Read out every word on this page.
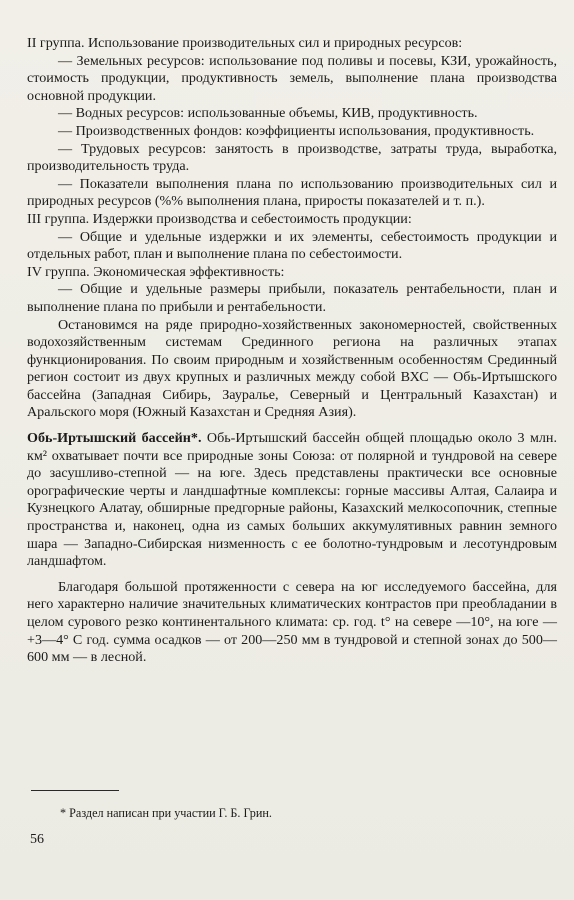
II группа. Использование производительных сил и природных ресурсов:

— Земельных ресурсов: использование под поливы и посевы, КЗИ, урожайность, стоимость продукции, продуктивность земель, выполнение плана производства основной продукции.

— Водных ресурсов: использованные объемы, КИВ, продуктивность.

— Производственных фондов: коэффициенты использования, продуктивность.

— Трудовых ресурсов: занятость в производстве, затраты труда, выработка, производительность труда.

— Показатели выполнения плана по использованию производительных сил и природных ресурсов (%% выполнения плана, приросты показателей и т. п.).

III группа. Издержки производства и себестоимость продукции:

— Общие и удельные издержки и их элементы, себестоимость продукции и отдельных работ, план и выполнение плана по себестоимости.

IV группа. Экономическая эффективность:

— Общие и удельные размеры прибыли, показатель рентабельности, план и выполнение плана по прибыли и рентабельности.

Остановимся на ряде природно-хозяйственных закономерностей, свойственных водохозяйственным системам Срединного региона на различных этапах функционирования. По своим природным и хозяйственным особенностям Срединный регион состоит из двух крупных и различных между собой ВХС — Обь-Иртышского бассейна (Западная Сибирь, Зауралье, Северный и Центральный Казахстан) и Аральского моря (Южный Казахстан и Средняя Азия).

Обь-Иртышский бассейн*. Обь-Иртышский бассейн общей площадью около 3 млн. км² охватывает почти все природные зоны Союза: от полярной и тундровой на севере до засушливо-степной — на юге. Здесь представлены практически все основные орографические черты и ландшафтные комплексы: горные массивы Алтая, Салаира и Кузнецкого Алатау, обширные предгорные районы, Казахский мелкосопочник, степные пространства и, наконец, одна из самых больших аккумулятивных равнин земного шара — Западно-Сибирская низменность с ее болотно-тундровым и лесотундровым ландшафтом.

Благодаря большой протяженности с севера на юг исследуемого бассейна, для него характерно наличие значительных климатических контрастов при преобладании в целом сурового резко континентального климата: ср. год. t° на севере —10°, на юге — +3—4° С год. сумма осадков — от 200—250 мм в тундровой и степной зонах до 500—600 мм — в лесной.

* Раздел написан при участии Г. Б. Грин.
56
